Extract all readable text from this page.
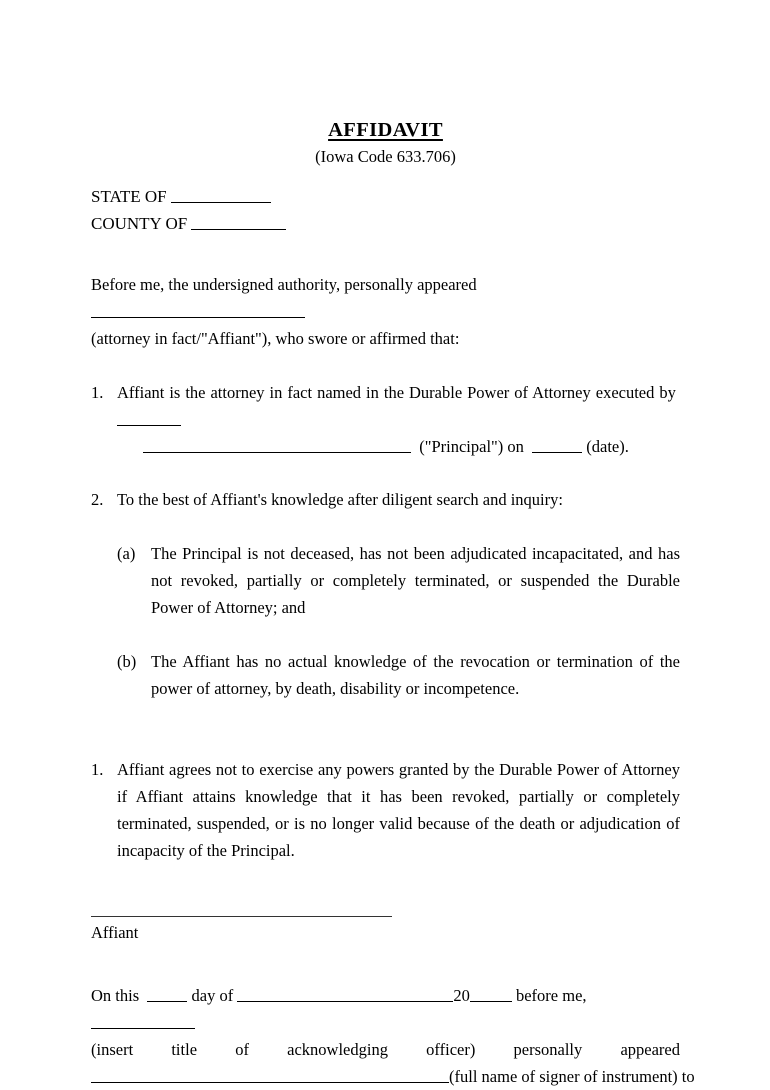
AFFIDAVIT
(Iowa Code 633.706)
STATE OF
COUNTY OF
Before me, the undersigned authority, personally appeared
(attorney in fact/"Affiant"), who swore or affirmed that:
1. Affiant is the attorney in fact named in the Durable Power of Attorney executed by
("Principal") on	(date).
2. To the best of Affiant's knowledge after diligent search and inquiry:
(a) The Principal is not deceased, has not been adjudicated incapacitated, and has not revoked, partially or completely terminated, or suspended the Durable Power of Attorney; and
(b) The Affiant has no actual knowledge of the revocation or termination of the power of attorney, by death, disability or incompetence.
1. Affiant agrees not to exercise any powers granted by the Durable Power of Attorney if Affiant attains knowledge that it has been revoked, partially or completely terminated, suspended, or is no longer valid because of the death or adjudication of incapacity of the Principal.
Affiant
On this	day of	20	before me,
(insert title of acknowledging officer) personally appeared
(full name of signer of instrument) to
